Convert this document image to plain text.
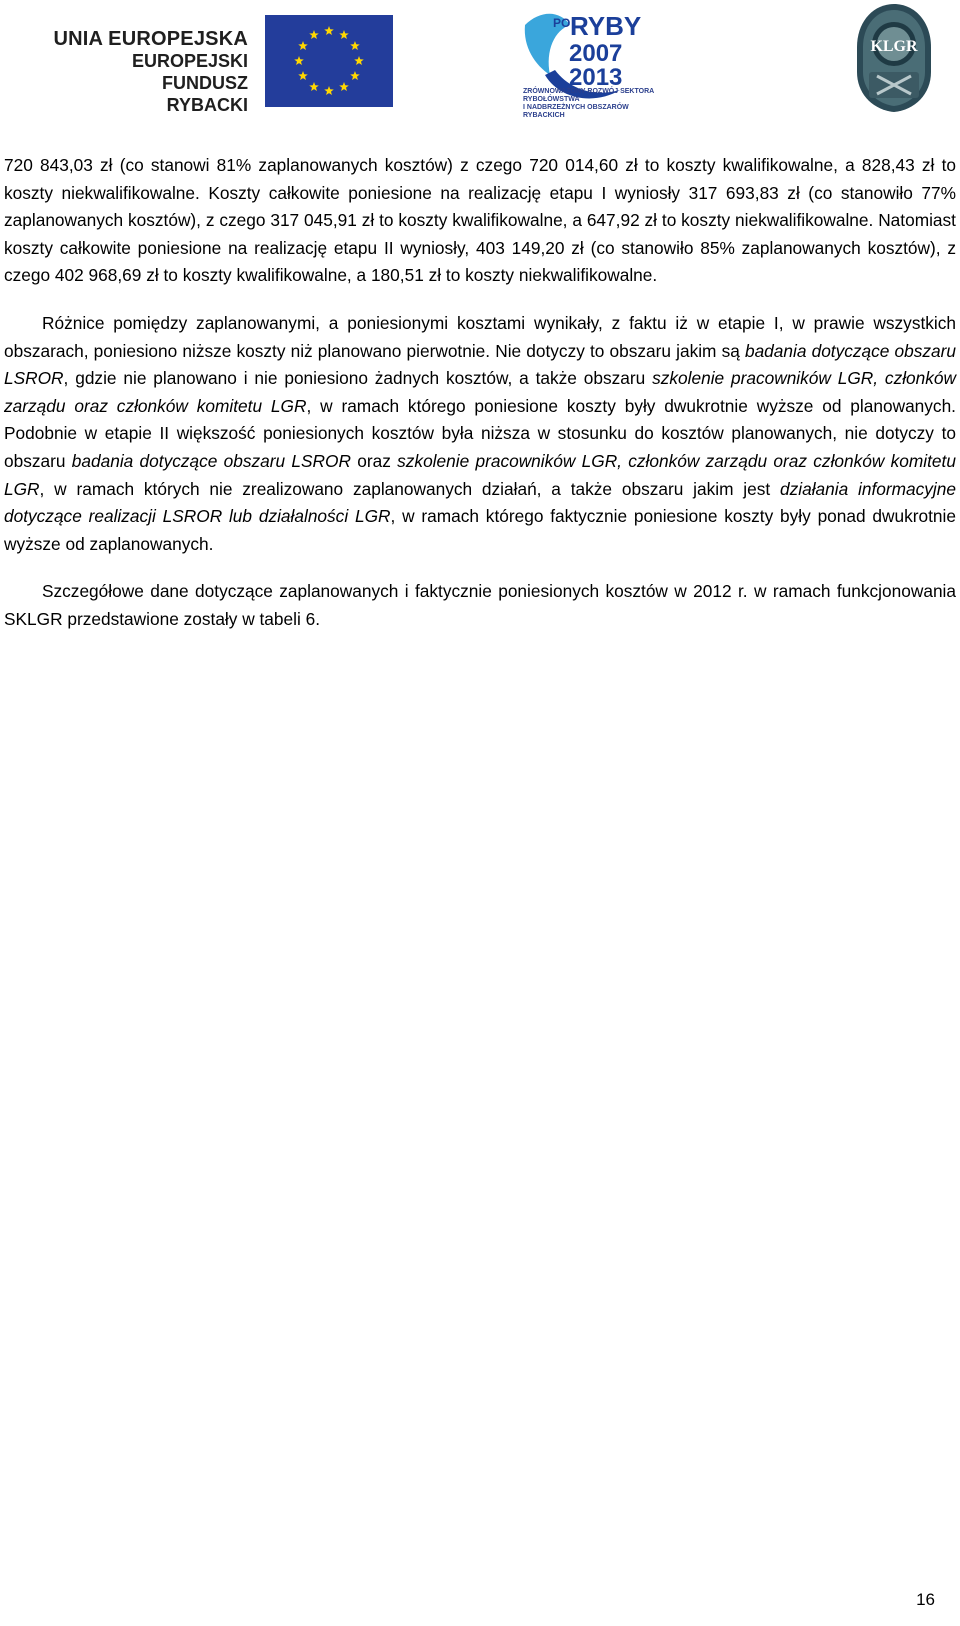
UNIA EUROPEJSKA
EUROPEJSKI FUNDUSZ
RYBACKI
PO RYBY
2007
2013
ZRÓWNOWAŻONY ROZWÓJ SEKTORA RYBOŁÓWSTWA
I NADBRZEŻNYCH OBSZARÓW RYBACKICH
KLGR

720 843,03 zł (co stanowi 81% zaplanowanych kosztów) z czego 720 014,60 zł to koszty kwalifikowalne, a 828,43 zł to koszty niekwalifikowalne. Koszty całkowite poniesione na realizację etapu I wyniosły 317 693,83 zł (co stanowiło 77% zaplanowanych kosztów), z czego 317 045,91 zł to koszty kwalifikowalne, a 647,92 zł to koszty niekwalifikowalne. Natomiast koszty całkowite poniesione na realizację etapu II wyniosły, 403 149,20 zł (co stanowiło 85% zaplanowanych kosztów), z czego 402 968,69 zł to koszty kwalifikowalne, a 180,51 zł to koszty niekwalifikowalne.

Różnice pomiędzy zaplanowanymi, a poniesionymi kosztami wynikały, z faktu iż w etapie I, w prawie wszystkich obszarach, poniesiono niższe koszty niż planowano pierwotnie. Nie dotyczy to obszaru jakim są badania dotyczące obszaru LSROR, gdzie nie planowano i nie poniesiono żadnych kosztów, a także obszaru szkolenie pracowników LGR, członków zarządu oraz członków komitetu LGR, w ramach którego poniesione koszty były dwukrotnie wyższe od planowanych. Podobnie w etapie II większość poniesionych kosztów była niższa w stosunku do kosztów planowanych, nie dotyczy to obszaru badania dotyczące obszaru LSROR oraz szkolenie pracowników LGR, członków zarządu oraz członków komitetu LGR, w ramach których nie zrealizowano zaplanowanych działań, a także obszaru jakim jest działania informacyjne dotyczące realizacji LSROR lub działalności LGR, w ramach którego faktycznie poniesione koszty były ponad dwukrotnie wyższe od zaplanowanych.

Szczegółowe dane dotyczące zaplanowanych i faktycznie poniesionych kosztów w 2012 r. w ramach funkcjonowania SKLGR przedstawione zostały w tabeli 6.

16
